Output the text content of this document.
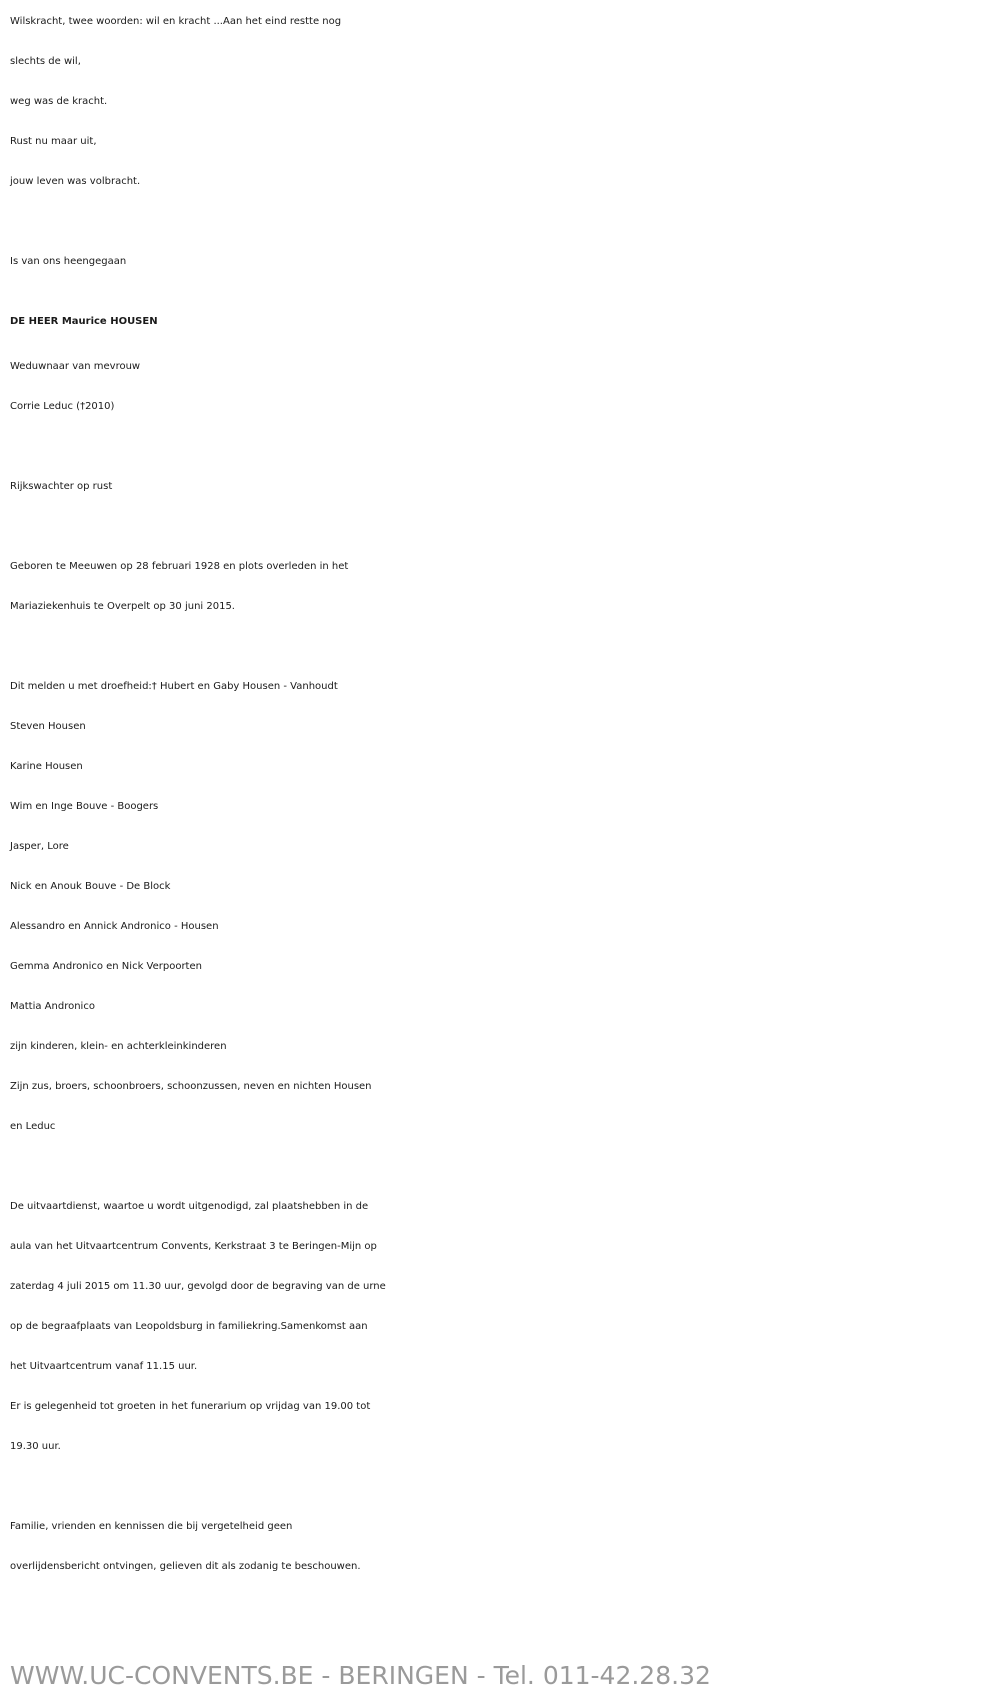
Wilskracht, twee woorden: wil en kracht ...Aan het eind restte nog
slechts de wil,
weg was de kracht.
Rust nu maar uit,
jouw leven was volbracht.
Is van ons heengegaan
DE HEER Maurice HOUSEN
Weduwnaar van mevrouw
Corrie Leduc (†2010)
Rijkswachter op rust
Geboren te Meeuwen op 28 februari 1928 en plots overleden in het
Mariaziekenhuis te Overpelt op 30 juni 2015.
Dit melden u met droefheid:† Hubert en Gaby Housen - Vanhoudt
Steven Housen
Karine Housen
Wim en Inge Bouve - Boogers
Jasper, Lore
Nick en Anouk Bouve - De Block
Alessandro en Annick Andronico - Housen
Gemma Andronico en Nick Verpoorten
Mattia Andronico
zijn kinderen, klein- en achterkleinkinderen
Zijn zus, broers, schoonbroers, schoonzussen, neven en nichten Housen
en Leduc
De uitvaartdienst, waartoe u wordt uitgenodigd, zal plaatshebben in de
aula van het Uitvaartcentrum Convents, Kerkstraat 3 te Beringen-Mijn op
zaterdag 4 juli 2015 om 11.30 uur, gevolgd door de begraving van de urne
op de begraafplaats van Leopoldsburg in familiekring.Samenkomst aan
het Uitvaartcentrum vanaf 11.15 uur.
Er is gelegenheid tot groeten in het funerarium op vrijdag van 19.00 tot
19.30 uur.
Familie, vrienden en kennissen die bij vergetelheid geen
overlijdensbericht ontvingen, gelieven dit als zodanig te beschouwen.
WWW.UC-CONVENTS.BE - BERINGEN - Tel. 011-42.28.32
